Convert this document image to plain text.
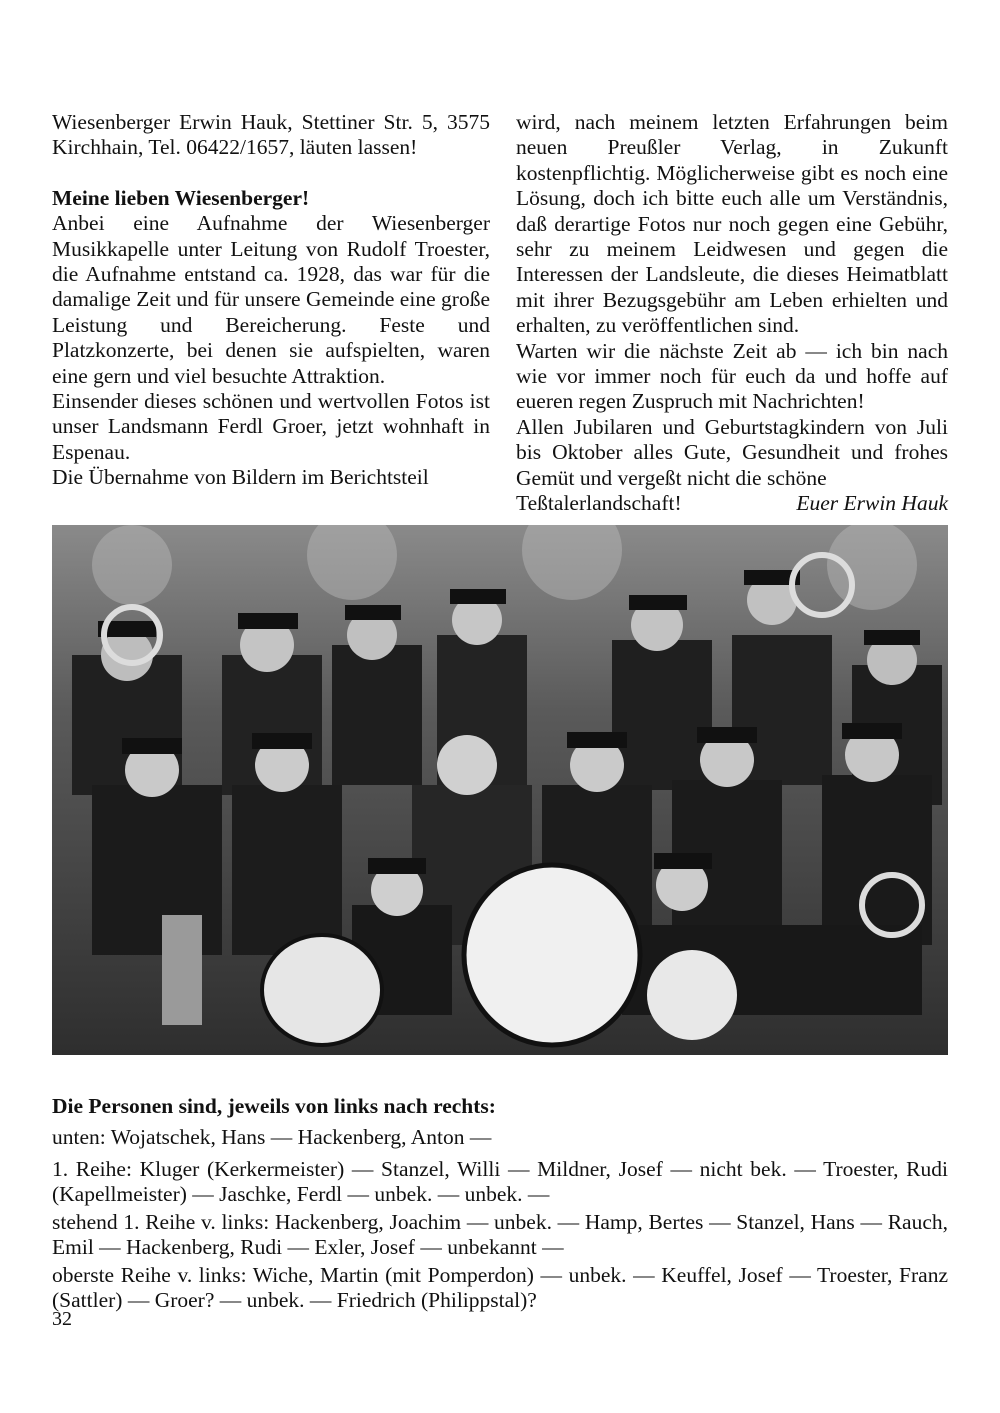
Wiesenberger Erwin Hauk, Stettiner Str. 5, 3575 Kirchhain, Tel. 06422/1657, läuten lassen!

Meine lieben Wiesenberger!

Anbei eine Aufnahme der Wiesenberger Musikkapelle unter Leitung von Rudolf Troester, die Aufnahme entstand ca. 1928, das war für die damalige Zeit und für unsere Gemeinde eine große Leistung und Bereicherung. Feste und Platzkonzerte, bei denen sie aufspielten, waren eine gern und viel besuchte Attraktion.

Einsender dieses schönen und wertvollen Fotos ist unser Landsmann Ferdl Groer, jetzt wohnhaft in Espenau.

Die Übernahme von Bildern im Berichtsteil

wird, nach meinem letzten Erfahrungen beim neuen Preußler Verlag, in Zukunft kostenpflichtig. Möglicherweise gibt es noch eine Lösung, doch ich bitte euch alle um Verständnis, daß derartige Fotos nur noch gegen eine Gebühr, sehr zu meinem Leidwesen und gegen die Interessen der Landsleute, die dieses Heimatblatt mit ihrer Bezugsgebühr am Leben erhielten und erhalten, zu veröffentlichen sind.

Warten wir die nächste Zeit ab — ich bin nach wie vor immer noch für euch da und hoffe auf eueren regen Zuspruch mit Nachrichten!

Allen Jubilaren und Geburtstagkindern von Juli bis Oktober alles Gute, Gesundheit und frohes Gemüt und vergeßt nicht die schöne

Teßtalerlandschaft!	Euer Erwin Hauk

Die Personen sind, jeweils von links nach rechts:

unten: Wojatschek, Hans — Hackenberg, Anton —

1. Reihe: Kluger (Kerkermeister) — Stanzel, Willi — Mildner, Josef — nicht bek. — Troester, Rudi (Kapellmeister) — Jaschke, Ferdl — unbek. — unbek. —

stehend 1. Reihe v. links: Hackenberg, Joachim — unbek. — Hamp, Bertes — Stanzel, Hans — Rauch, Emil — Hackenberg, Rudi — Exler, Josef — unbekannt —

oberste Reihe v. links: Wiche, Martin (mit Pomperdon) — unbek. — Keuffel, Josef — Troester, Franz (Sattler) — Groer? — unbek. — Friedrich (Philippstal)?

32
